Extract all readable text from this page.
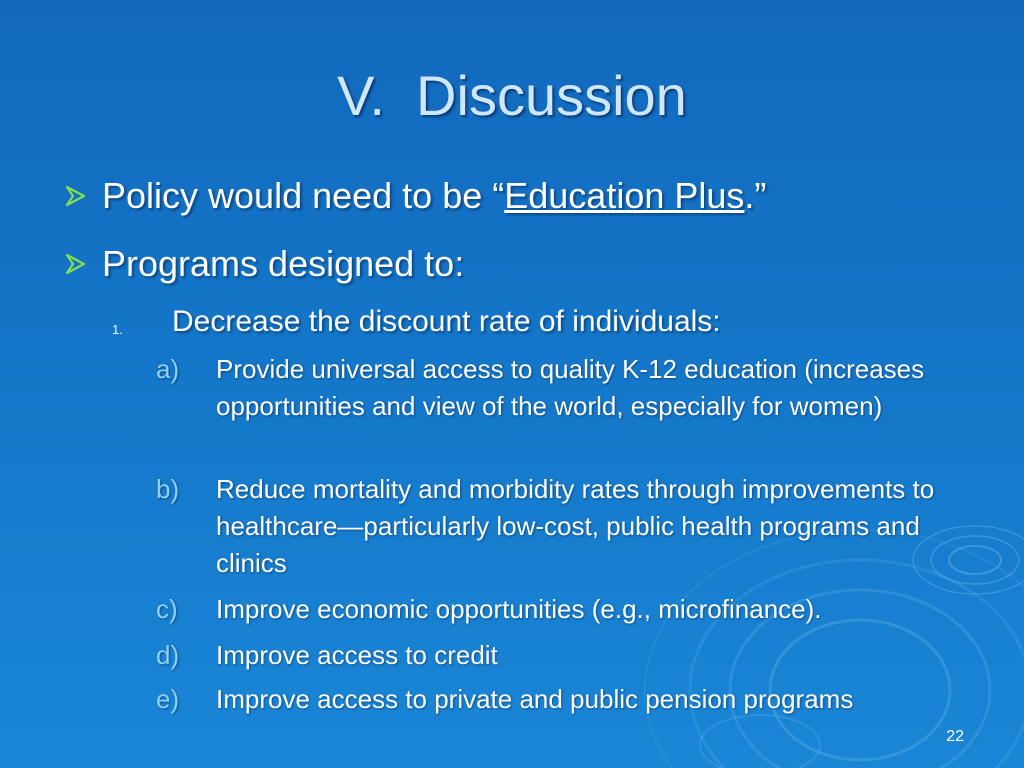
V.  Discussion
Policy would need to be “Education Plus.”
Programs designed to:
1. Decrease the discount rate of individuals:
a) Provide universal access to quality K-12 education (increases opportunities and view of the world, especially for women)
b) Reduce mortality and morbidity rates through improvements to healthcare—particularly low-cost, public health programs and clinics
c) Improve economic opportunities (e.g., microfinance).
d) Improve access to credit
e) Improve access to private and public pension programs
22
